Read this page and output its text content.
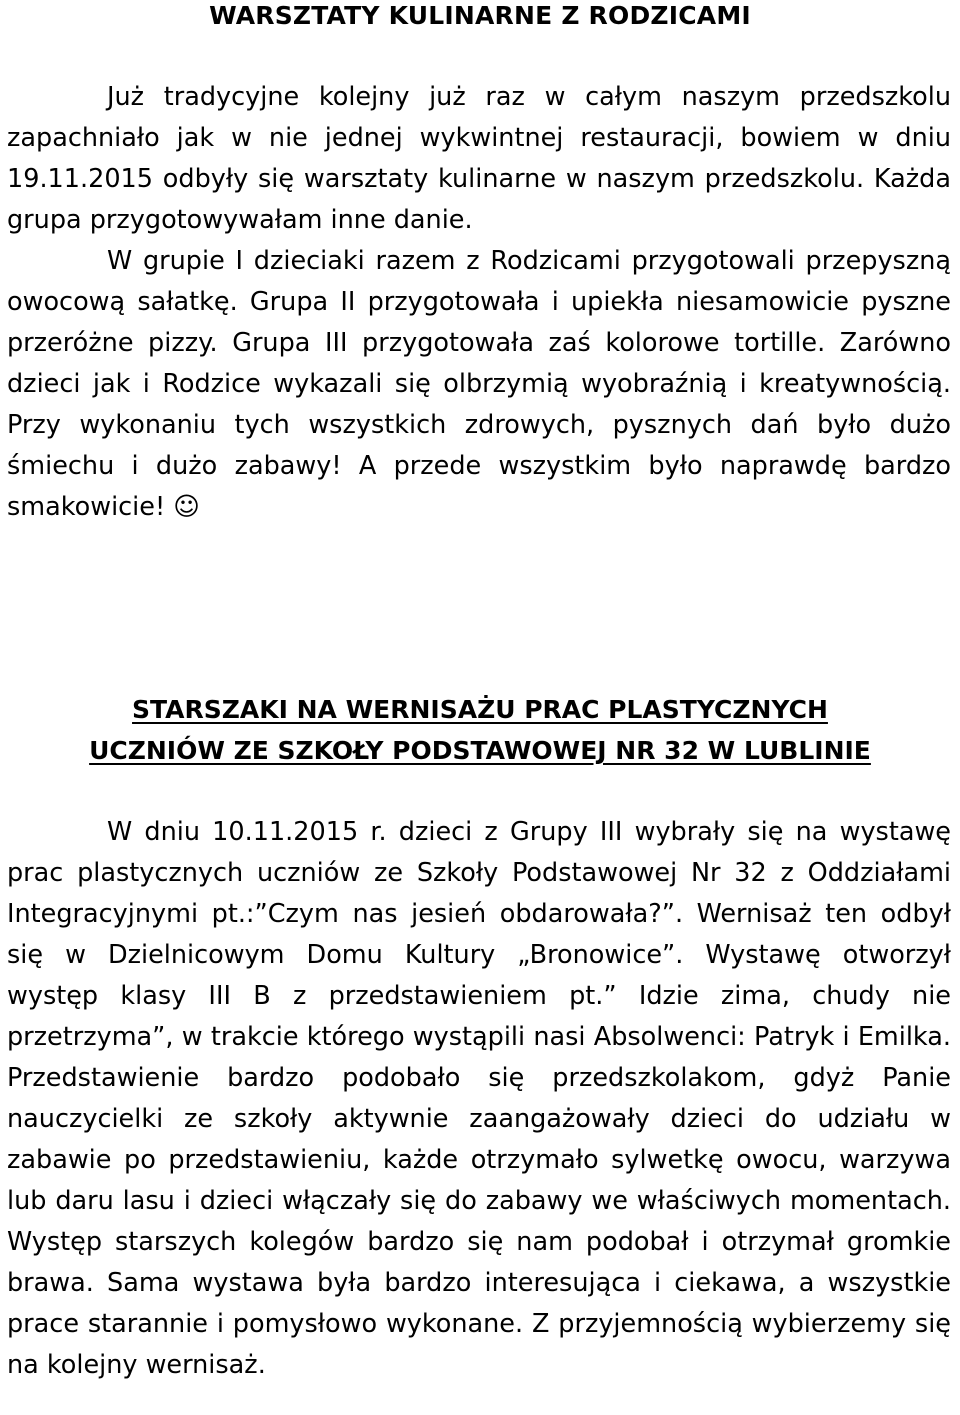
WARSZTATY KULINARNE Z RODZICAMI

Już tradycyjne kolejny już raz w całym naszym przedszkolu zapachniało jak w nie jednej wykwintnej restauracji, bowiem w dniu 19.11.2015 odbyły się warsztaty kulinarne w naszym przedszkolu. Każda grupa przygotowywałam inne danie.

W grupie I dzieciaki razem z Rodzicami przygotowali przepyszną owocową sałatkę. Grupa II przygotowała i upiekła niesamowicie pyszne przeróżne pizzy. Grupa III przygotowała zaś kolorowe tortille. Zarówno dzieci jak i Rodzice wykazali się olbrzymią wyobraźnią i kreatywnością. Przy wykonaniu tych wszystkich zdrowych, pysznych dań było dużo śmiechu i dużo zabawy! A przede wszystkim było naprawdę bardzo smakowicie! ☺

STARSZAKI NA WERNISAŻU PRAC PLASTYCZNYCH
UCZNIÓW ZE SZKOŁY PODSTAWOWEJ NR 32 W LUBLINIE

W dniu 10.11.2015 r. dzieci z Grupy III wybrały się na wystawę prac plastycznych uczniów ze Szkoły Podstawowej Nr 32 z Oddziałami Integracyjnymi pt.:”Czym nas jesień obdarowała?”. Wernisaż ten odbył się w Dzielnicowym Domu Kultury „Bronowice”. Wystawę otworzył występ klasy III B z przedstawieniem pt.” Idzie zima, chudy nie przetrzyma”, w trakcie którego wystąpili nasi Absolwenci: Patryk i Emilka. Przedstawienie bardzo podobało się przedszkolakom, gdyż Panie nauczycielki ze szkoły aktywnie zaangażowały dzieci do udziału w zabawie po przedstawieniu, każde otrzymało sylwetkę owocu, warzywa lub daru lasu i dzieci włączały się do zabawy we właściwych momentach. Występ starszych kolegów bardzo się nam podobał i otrzymał gromkie brawa. Sama wystawa była bardzo interesująca i ciekawa, a wszystkie prace starannie i pomysłowo wykonane. Z przyjemnością wybierzemy się na kolejny wernisaż.
